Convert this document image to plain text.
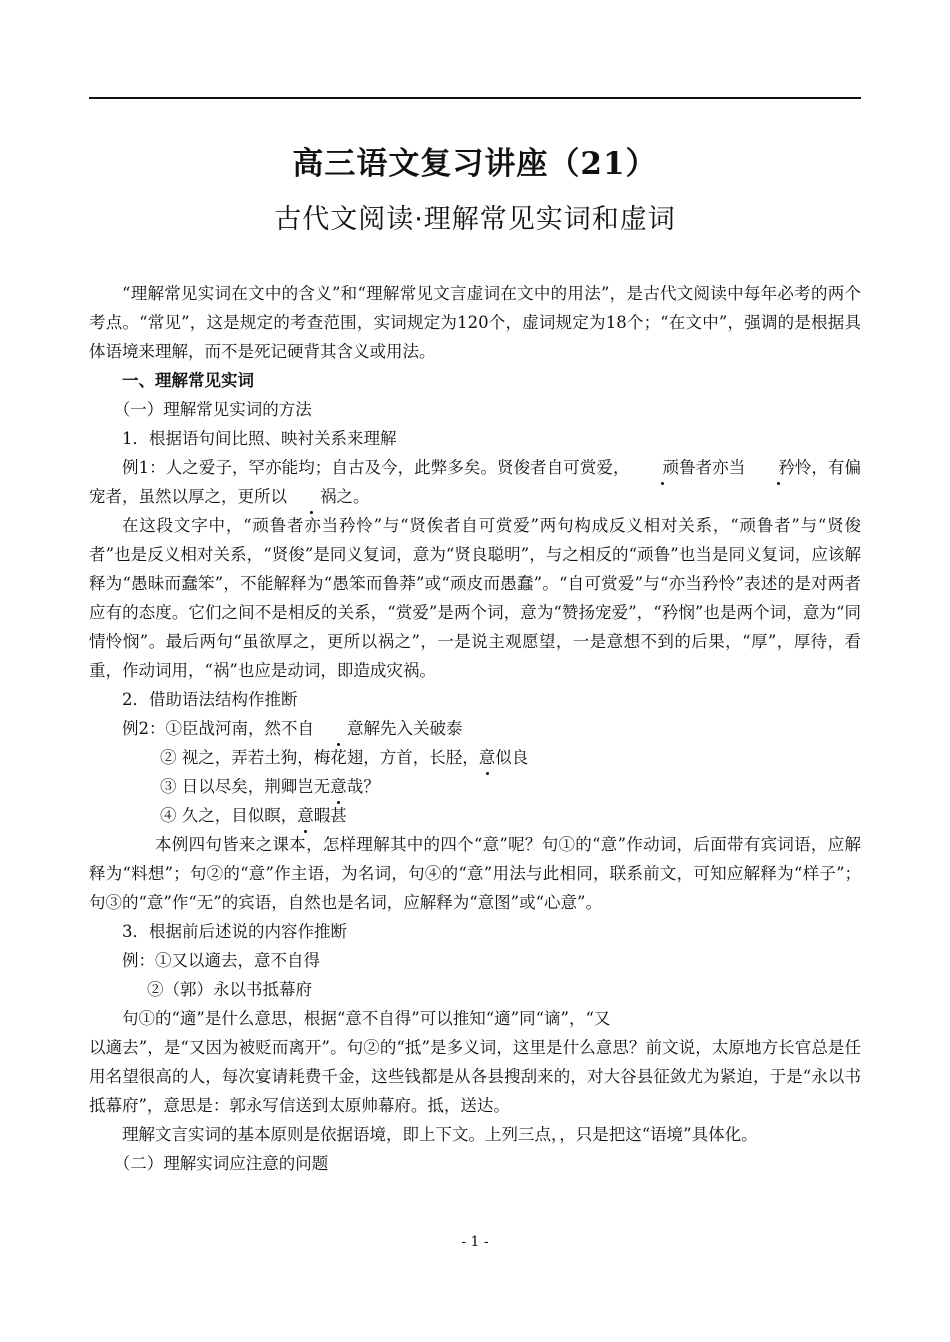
高三语文复习讲座（21）
古代文阅读·理解常见实词和虚词

“理解常见实词在文中的含义”和“理解常见文言虚词在文中的用法”，是古代文阅读中每年必考的两个考点。“常见”，这是规定的考查范围，实词规定为120个，虚词规定为18个；“在文中”，强调的是根据具体语境来理解，而不是死记硬背其含义或用法。

一、理解常见实词

（一）理解常见实词的方法

1．根据语句间比照、映衬关系来理解

例1：人之爱子，罕亦能均；自古及今，此弊多矣。贤俊者自可赏爱， 顽鲁者亦当 矜怜，有偏宠者，虽然以厚之，更所以 祸之。

在这段文字中，“顽鲁者亦当矜怜”与“贤俟者自可赏爱”两句构成反义相对关系，“顽鲁者”与“贤俊者”也是反义相对关系，“贤俊”是同义复词，意为“贤良聪明”，与之相反的“顽鲁”也当是同义复词，应该解释为“愚昧而蠢笨”，不能解释为“愚笨而鲁莽”或“顽皮而愚蠢”。“自可赏爱”与“亦当矜怜”表述的是对两者应有的态度。它们之间不是相反的关系，“赏爱”是两个词，意为“赞扬宠爱”，“矜悯”也是两个词，意为“同情怜悯”。最后两句“虽欲厚之，更所以祸之”，一是说主观愿望，一是意想不到的后果，“厚”，厚待，看重，作动词用，“祸”也应是动词，即造成灾祸。

2．借助语法结构作推断

例2：①臣战河南，然不自 意解先入关破泰

② 视之，弄若土狗，梅花翅，方首，长胫，意似良

③ 日以尽矣，荆卿岂无意哉？

④ 久之，目似瞑，意暇甚

本例四句皆来之课本，怎样理解其中的四个“意”呢？句①的“意”作动词，后面带有宾词语，应解释为“料想”；句②的“意”作主语，为名词，句④的“意”用法与此相同，联系前文，可知应解释为“样子”；句③的“意”作“无”的宾语，自然也是名词，应解释为“意图”或“心意”。

3．根据前后述说的内容作推断

例：①又以適去，意不自得

②（郭）永以书抵幕府

句①的“適”是什么意思，根据“意不自得”可以推知“適”同“谪”，“又

以適去”，是“又因为被贬而离开”。句②的“抵”是多义词，这里是什么意思？前文说，太原地方长官总是任用名望很高的人，每次宴请耗费千金，这些钱都是从各县搜刮来的，对大谷县征敛尤为紧迫，于是“永以书抵幕府”，意思是：郭永写信送到太原帅幕府。抵，送达。

理解文言实词的基本原则是依据语境，即上下文。上列三点，，只是把这“语境”具体化。

（二）理解实词应注意的问题

- 1 -
